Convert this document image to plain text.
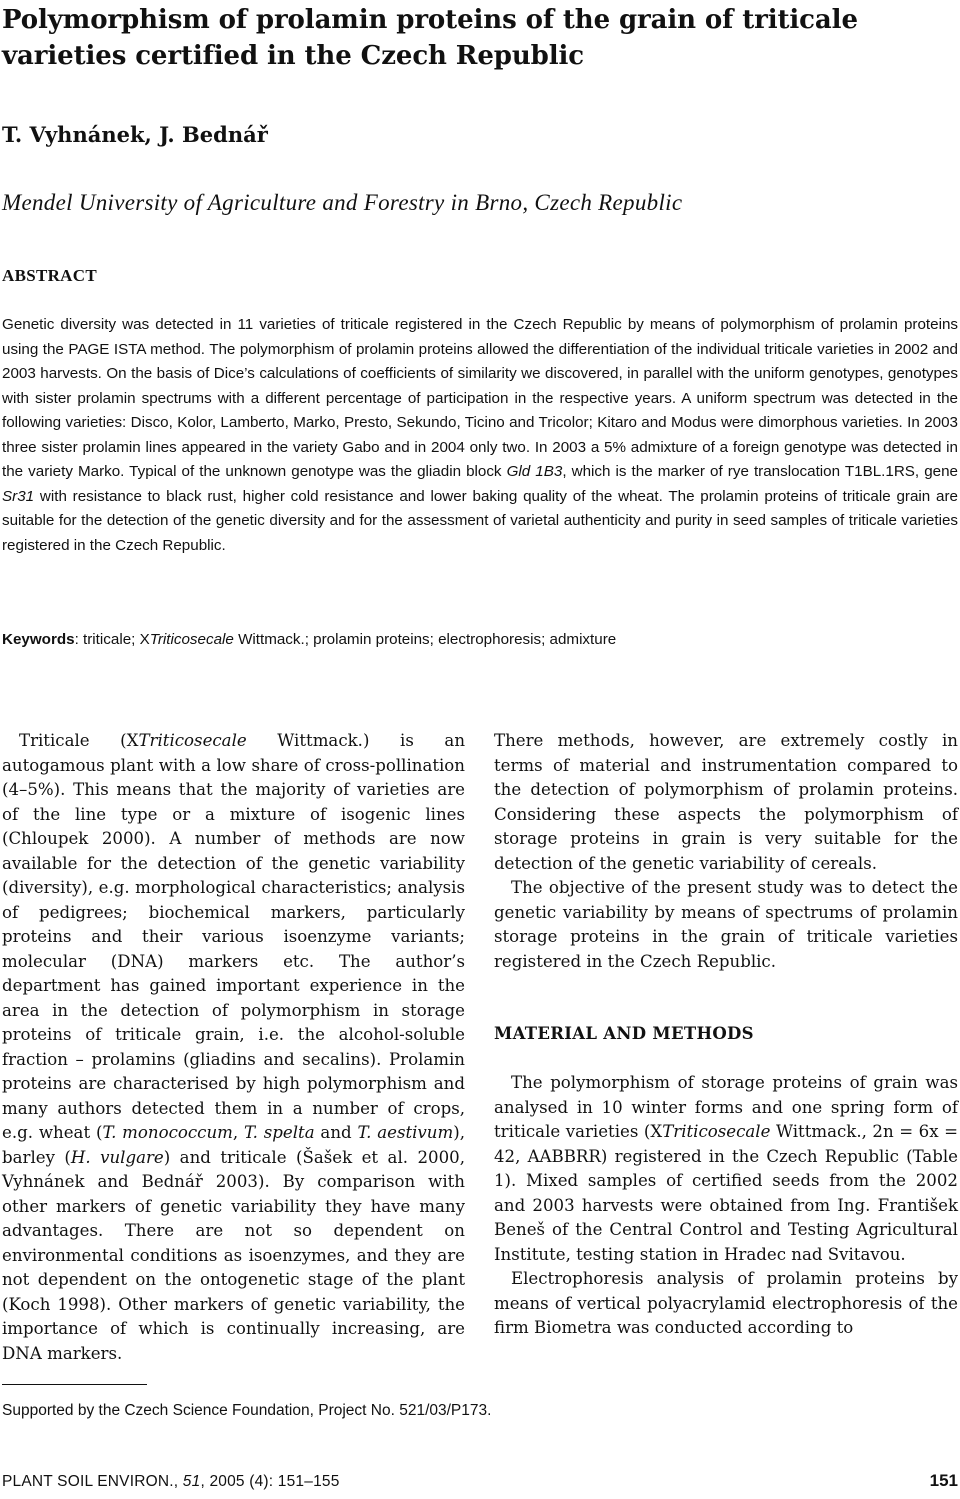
Polymorphism of prolamin proteins of the grain of triticale varieties certified in the Czech Republic
T. Vyhnánek, J. Bednář
Mendel University of Agriculture and Forestry in Brno, Czech Republic
ABSTRACT

Genetic diversity was detected in 11 varieties of triticale registered in the Czech Republic by means of polymorphism of prolamin proteins using the PAGE ISTA method. The polymorphism of prolamin proteins allowed the differentiation of the individual triticale varieties in 2002 and 2003 harvests. On the basis of Dice’s calculations of coefficients of similarity we discovered, in parallel with the uniform genotypes, genotypes with sister prolamin spectrums with a different percentage of participation in the respective years. A uniform spectrum was detected in the following varieties: Disco, Kolor, Lamberto, Marko, Presto, Sekundo, Ticino and Tricolor; Kitaro and Modus were dimorphous varieties. In 2003 three sister prolamin lines appeared in the variety Gabo and in 2004 only two. In 2003 a 5% admixture of a foreign genotype was detected in the variety Marko. Typical of the unknown genotype was the gliadin block Gld 1B3, which is the marker of rye translocation T1BL.1RS, gene Sr31 with resistance to black rust, higher cold resistance and lower baking quality of the wheat. The prolamin proteins of triticale grain are suitable for the detection of the genetic diversity and for the assessment of varietal authenticity and purity in seed samples of triticale varieties registered in the Czech Republic.

Keywords: triticale; XTriticosecale Wittmack.; prolamin proteins; electrophoresis; admixture

Triticale (XTriticosecale Wittmack.) is an autogamous plant with a low share of cross-pollination (4–5%). This means that the majority of varieties are of the line type or a mixture of isogenic lines (Chloupek 2000). A number of methods are now available for the detection of the genetic variability (diversity), e.g. morphological characteristics; analysis of pedigrees; biochemical markers, particularly proteins and their various isoenzyme variants; molecular (DNA) markers etc. The author’s department has gained important experience in the area in the detection of polymorphism in storage proteins of triticale grain, i.e. the alcohol-soluble fraction – prolamins (gliadins and secalins). Prolamin proteins are characterised by high polymorphism and many authors detected them in a number of crops, e.g. wheat (T. monococcum, T. spelta and T. aestivum), barley (H. vulgare) and triticale (Šašek et al. 2000, Vyhnánek and Bednář 2003). By comparison with other markers of genetic variability they have many advantages. There are not so dependent on environmental conditions as isoenzymes, and they are not dependent on the ontogenetic stage of the plant (Koch 1998). Other markers of genetic variability, the importance of which is continually increasing, are DNA markers.

There methods, however, are extremely costly in terms of material and instrumentation compared to the detection of polymorphism of prolamin proteins. Considering these aspects the polymorphism of storage proteins in grain is very suitable for the detection of the genetic variability of cereals.

The objective of the present study was to detect the genetic variability by means of spectrums of prolamin storage proteins in the grain of triticale varieties registered in the Czech Republic.

MATERIAL AND METHODS

The polymorphism of storage proteins of grain was analysed in 10 winter forms and one spring form of triticale varieties (XTriticosecale Wittmack., 2n = 6x = 42, AABBRR) registered in the Czech Republic (Table 1). Mixed samples of certified seeds from the 2002 and 2003 harvests were obtained from Ing. František Beneš of the Central Control and Testing Agricultural Institute, testing station in Hradec nad Svitavou.

Electrophoresis analysis of prolamin proteins by means of vertical polyacrylamid electrophoresis of the firm Biometra was conducted according to

Supported by the Czech Science Foundation, Project No. 521/03/P173.
PLANT SOIL ENVIRON., 51, 2005 (4): 151–155	151
